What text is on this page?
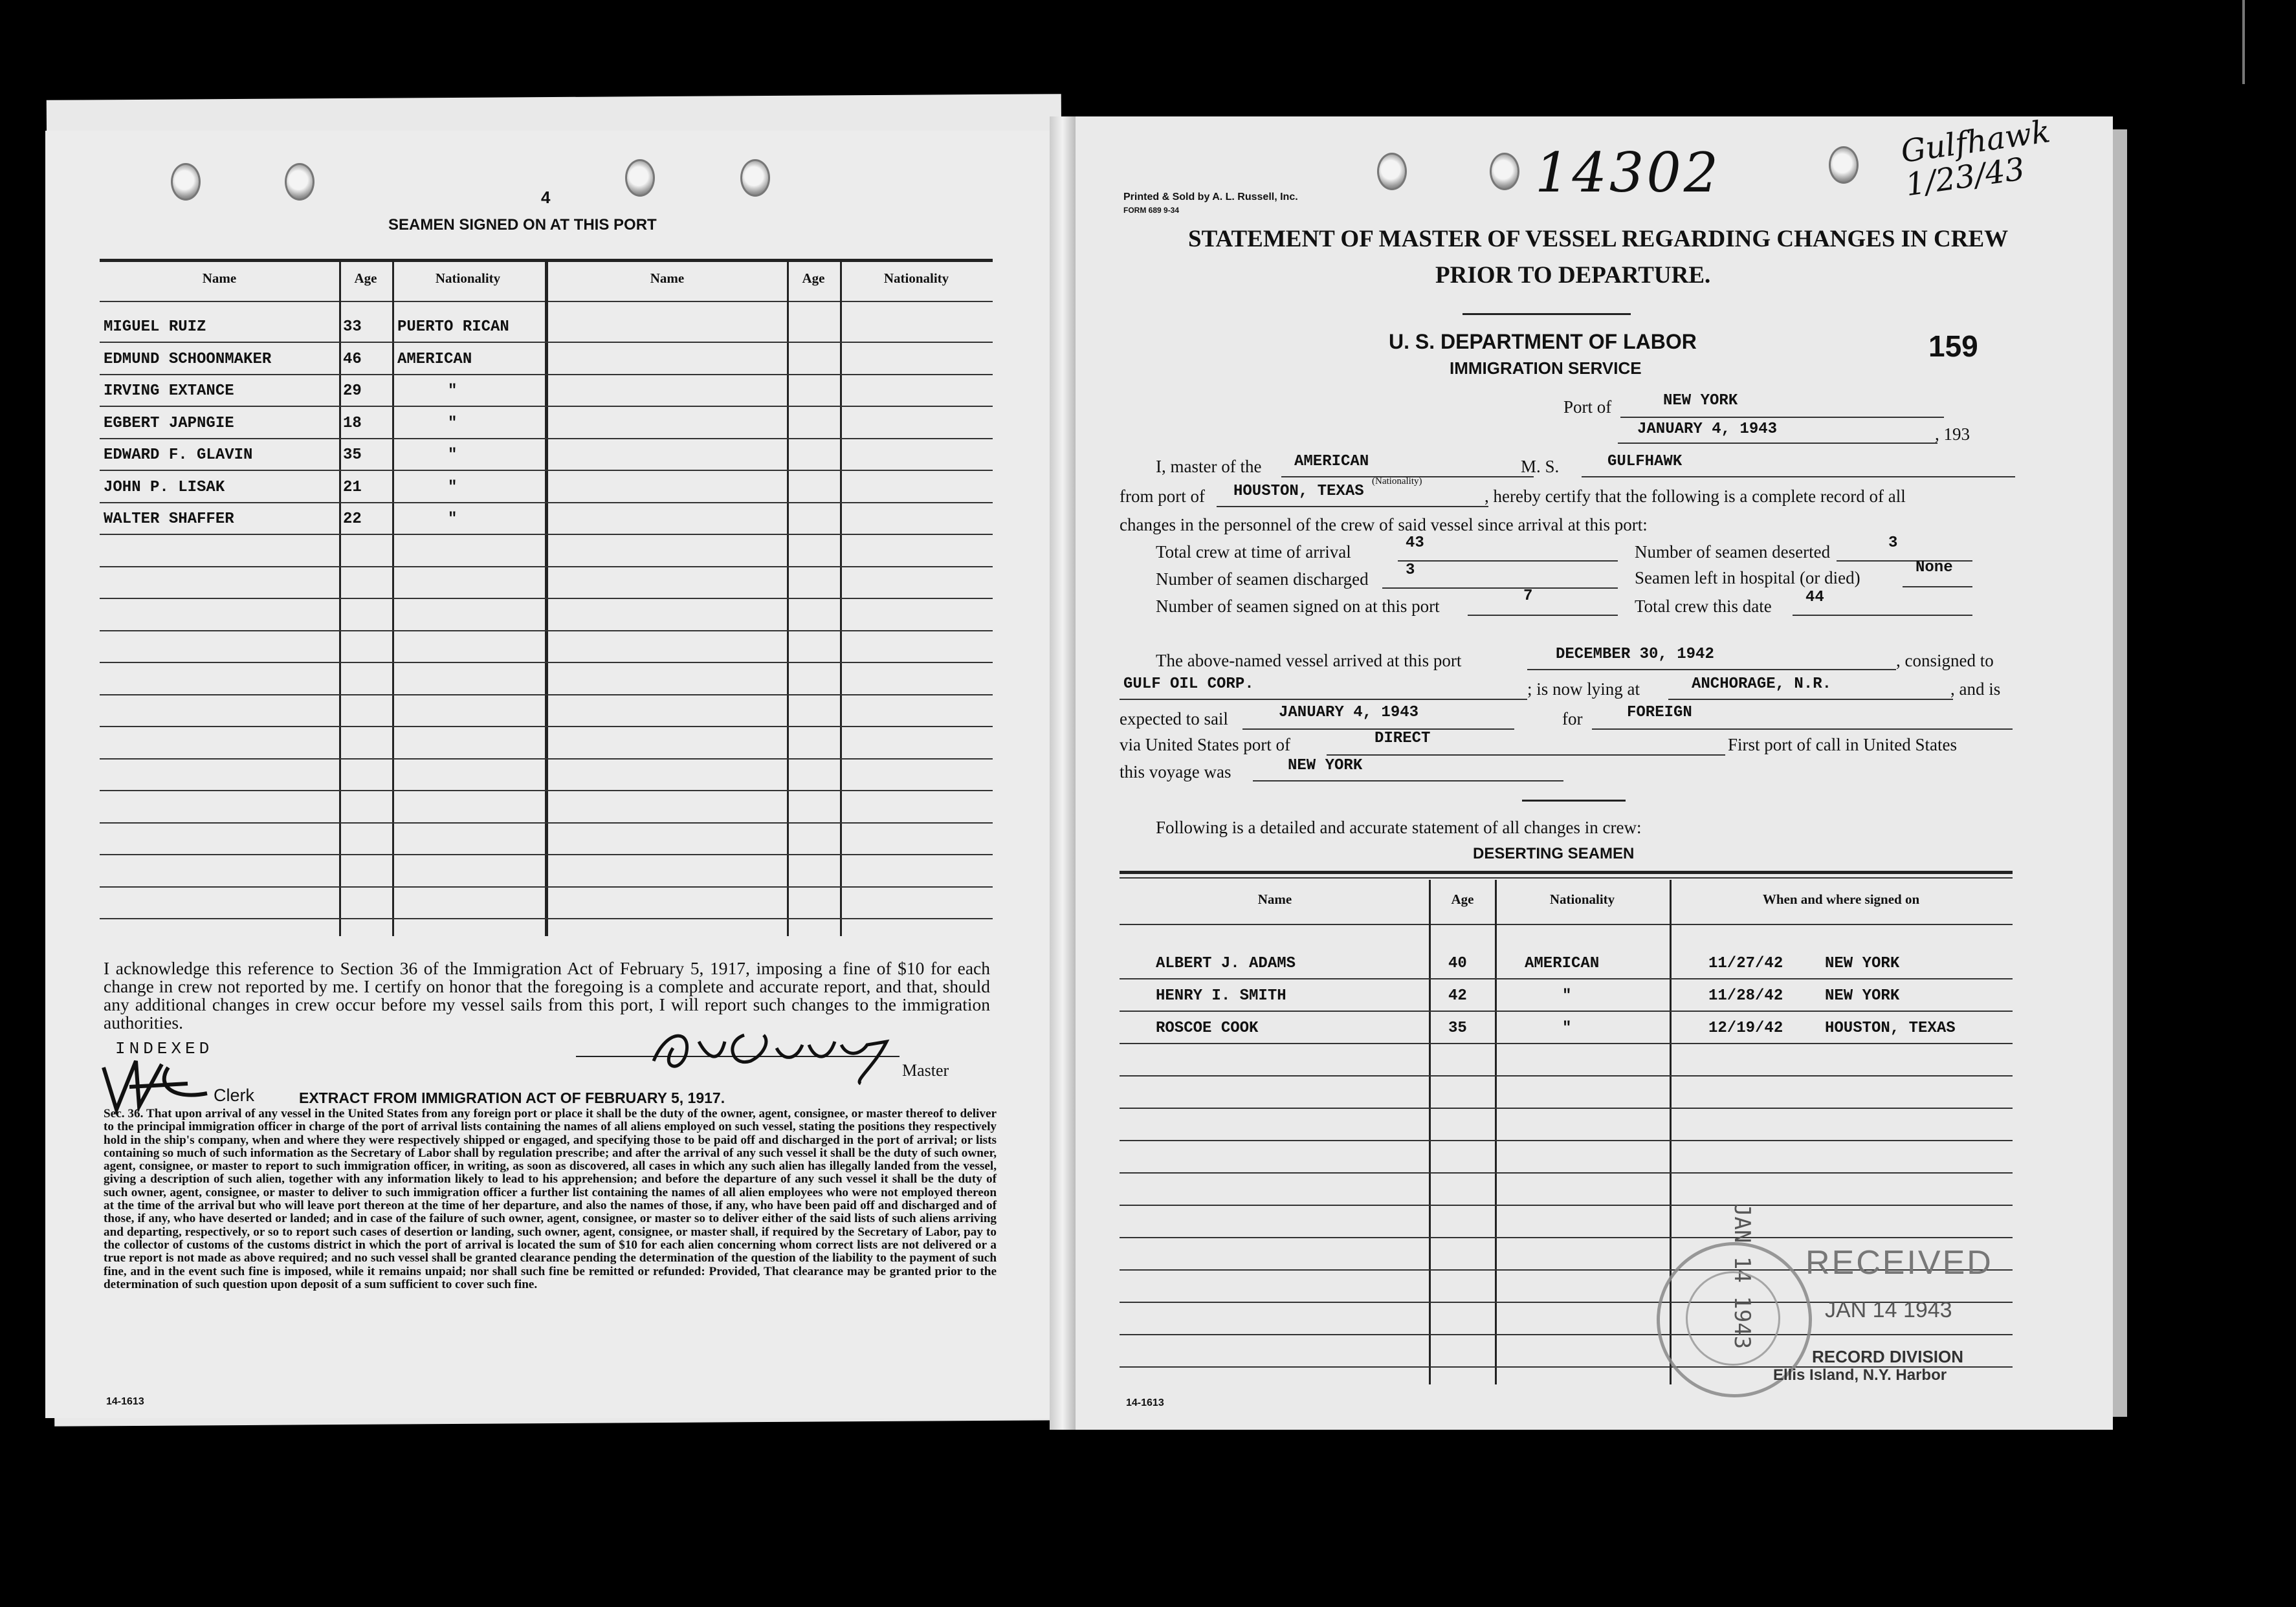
4
SEAMEN SIGNED ON AT THIS PORT
Name	Age	Nationality	Name	Age	Nationality
MIGUEL RUIZ	33 PUERTO RICAN
EDMUND SCHOONMAKER	46 AMERICAN
IRVING EXTANCE	29	"
EGBERT JAPNGIE	18	"
EDWARD F. GLAVIN	35	"
JOHN P. LISAK	21	"
WALTER SHAFFER	22	"
I acknowledge this reference to Section 36 of the Immigration Act of February 5, 1917, imposing a fine of $10 for each change in crew not reported by me. I certify on honor that the foregoing is a complete and accurate report, and that, should any additional changes in crew occur before my vessel sails from this port, I will report such changes to the immigration authorities.
INDEXED
Master
Clerk	EXTRACT FROM IMMIGRATION ACT OF FEBRUARY 5, 1917.
Sec. 36. That upon arrival of any vessel in the United States from any foreign port or place it shall be the duty of the owner, agent, consignee, or master thereof to deliver to the principal immigration officer in charge of the port of arrival lists containing the names of all aliens employed on such vessel, stating the positions they respectively hold in the ship's company, when and where they were respectively shipped or engaged, and specifying those to be paid off and discharged in the port of arrival; or lists containing so much of such information as the Secretary of Labor shall by regulation prescribe; and after the arrival of any such vessel it shall be the duty of such owner, agent, consignee, or master to report to such immigration officer, in writing, as soon as discovered, all cases in which any such alien has illegally landed from the vessel, giving a description of such alien, together with any information likely to lead to his apprehension; and before the departure of any such vessel it shall be the duty of such owner, agent, consignee, or master to deliver to such immigration officer a further list containing the names of all alien employees who were not employed thereon at the time of the arrival but who will leave port thereon at the time of her departure, and also the names of those, if any, who have been paid off and discharged and of those, if any, who have deserted or landed; and in case of the failure of such owner, agent, consignee, or master so to deliver either of the said lists of such aliens arriving and departing, respectively, or so to report such cases of desertion or landing, such owner, agent, consignee, or master shall, if required by the Secretary of Labor, pay to the collector of customs of the customs district in which the port of arrival is located the sum of $10 for each alien concerning whom correct lists are not delivered or a true report is not made as above required; and no such vessel shall be granted clearance pending the determination of the question of the liability to the payment of such fine, and in the event such fine is imposed, while it remains unpaid; nor shall such fine be remitted or refunded: Provided, That clearance may be granted prior to the determination of such question upon deposit of a sum sufficient to cover such fine.
14-1613
Printed & Sold by A. L. Russell, Inc.
FORM 689 9-34
14302	Gulfhawk 1/23/43
STATEMENT OF MASTER OF VESSEL REGARDING CHANGES IN CREW
PRIOR TO DEPARTURE.
U. S. DEPARTMENT OF LABOR
IMMIGRATION SERVICE
159
Port of	NEW YORK
JANUARY 4, 1943	, 193
I, master of the AMERICAN	M. S.	GULFHAWK
from port of HOUSTON, TEXAS
(Nationality)
, hereby certify that the following is a complete record of all
changes in the personnel of the crew of said vessel since arrival at this port:
Total crew at time of arrival	43	Number of seamen deserted	3
Number of seamen discharged 3	Seamen left in hospital (or died)
None
Number of seamen signed on at this port
7
Total crew this date 44
The above-named vessel arrived at this port	DECEMBER 30, 1942	, consigned to
GULF OIL CORP.	; is now lying at	ANCHORAGE, N.R.	, and is
expected to sail	JANUARY 4, 1943	for	FOREIGN
via United States port of	DIRECT	First port of call in United States
this voyage was	NEW YORK
Following is a detailed and accurate statement of all changes in crew:
DESERTING SEAMEN
Name	Age	Nationality	When and where signed on
ALBERT J. ADAMS	40	AMERICAN	11/27/42	NEW YORK
HENRY I. SMITH	42	"	11/28/42	NEW YORK
ROSCOE COOK	35	"	12/19/42	HOUSTON, TEXAS
JAN 14 1943 RECEIVED
JAN 14 1943
RECORD DIVISION
Ellis Island, N.Y. Harbor
14-1613
